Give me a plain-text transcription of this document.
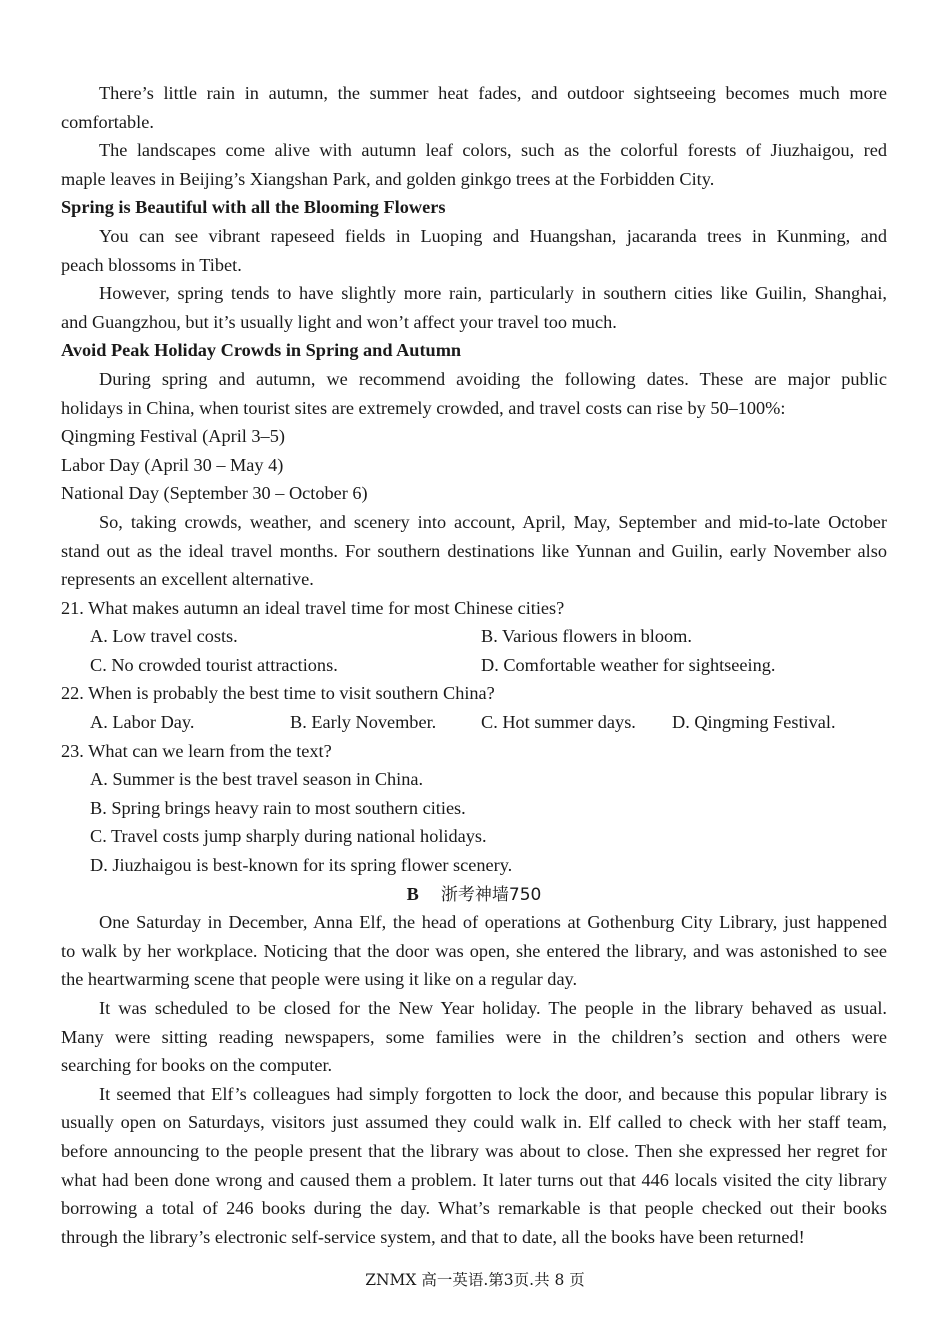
There’s little rain in autumn, the summer heat fades, and outdoor sightseeing becomes much more
comfortable.
The landscapes come alive with autumn leaf colors, such as the colorful forests of Jiuzhaigou, red
maple leaves in Beijing’s Xiangshan Park, and golden ginkgo trees at the Forbidden City.
Spring is Beautiful with all the Blooming Flowers
You can see vibrant rapeseed fields in Luoping and Huangshan, jacaranda trees in Kunming, and
peach blossoms in Tibet.
However, spring tends to have slightly more rain, particularly in southern cities like Guilin, Shanghai,
and Guangzhou, but it’s usually light and won’t affect your travel too much.
Avoid Peak Holiday Crowds in Spring and Autumn
During spring and autumn, we recommend avoiding the following dates. These are major public
holidays in China, when tourist sites are extremely crowded, and travel costs can rise by 50–100%:
Qingming Festival (April 3–5)
Labor Day (April 30 – May 4)
National Day (September 30 – October 6)
So, taking crowds, weather, and scenery into account, April, May, September and mid-to-late October
stand out as the ideal travel months. For southern destinations like Yunnan and Guilin, early November also
represents an excellent alternative.
21. What makes autumn an ideal travel time for most Chinese cities?
A. Low travel costs.	B. Various flowers in bloom.
C. No crowded tourist attractions.	D. Comfortable weather for sightseeing.
22. When is probably the best time to visit southern China?
A. Labor Day.	B. Early November. C. Hot summer days. D. Qingming Festival.
23. What can we learn from the text?
A. Summer is the best travel season in China.
B. Spring brings heavy rain to most southern cities.
C. Travel costs jump sharply during national holidays.
D. Jiuzhaigou is best-known for its spring flower scenery.
B 浙考神墙750
One Saturday in December, Anna Elf, the head of operations at Gothenburg City Library, just happened
to walk by her workplace. Noticing that the door was open, she entered the library, and was astonished to see
the heartwarming scene that people were using it like on a regular day.
It was scheduled to be closed for the New Year holiday. The people in the library behaved as usual.
Many were sitting reading newspapers, some families were in the children’s section and others were
searching for books on the computer.
It seemed that Elf’s colleagues had simply forgotten to lock the door, and because this popular library is
usually open on Saturdays, visitors just assumed they could walk in. Elf called to check with her staff team,
before announcing to the people present that the library was about to close. Then she expressed her regret for
what had been done wrong and caused them a problem. It later turns out that 446 locals visited the city library
borrowing a total of 246 books during the day. What’s remarkable is that people checked out their books
through the library’s electronic self-service system, and that to date, all the books have been returned!
ZNMX 高一英语.第3页.共 8 页
